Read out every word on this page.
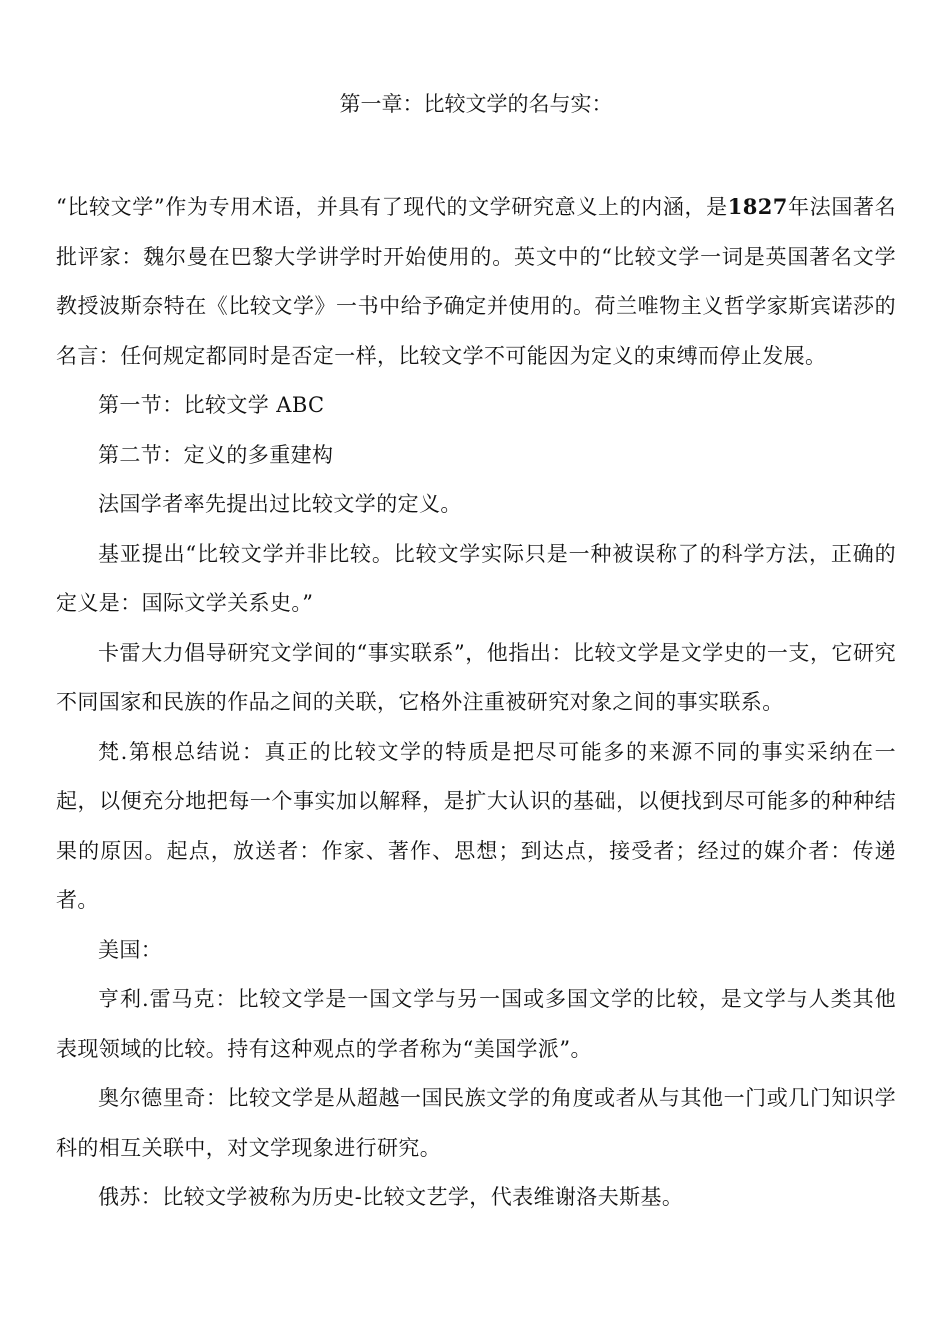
第一章：比较文学的名与实：

“比较文学”作为专用术语，并具有了现代的文学研究意义上的内涵，是1827年法国著名批评家：魏尔曼在巴黎大学讲学时开始使用的。英文中的“比较文学一词是英国著名文学教授波斯奈特在《比较文学》一书中给予确定并使用的。荷兰唯物主义哲学家斯宾诺莎的名言：任何规定都同时是否定一样，比较文学不可能因为定义的束缚而停止发展。

第一节：比较文学 ABC

第二节：定义的多重建构

法国学者率先提出过比较文学的定义。

基亚提出“比较文学并非比较。比较文学实际只是一种被误称了的科学方法，正确的定义是：国际文学关系史。”

卡雷大力倡导研究文学间的“事实联系”，他指出：比较文学是文学史的一支，它研究不同国家和民族的作品之间的关联，它格外注重被研究对象之间的事实联系。

梵.第根总结说：真正的比较文学的特质是把尽可能多的来源不同的事实采纳在一起，以便充分地把每一个事实加以解释，是扩大认识的基础，以便找到尽可能多的种种结果的原因。起点，放送者：作家、著作、思想；到达点，接受者；经过的媒介者：传递者。

美国：

亨利.雷马克：比较文学是一国文学与另一国或多国文学的比较，是文学与人类其他表现领域的比较。持有这种观点的学者称为“美国学派”。

奥尔德里奇：比较文学是从超越一国民族文学的角度或者从与其他一门或几门知识学科的相互关联中，对文学现象进行研究。

俄苏：比较文学被称为历史-比较文艺学，代表维谢洛夫斯基。
